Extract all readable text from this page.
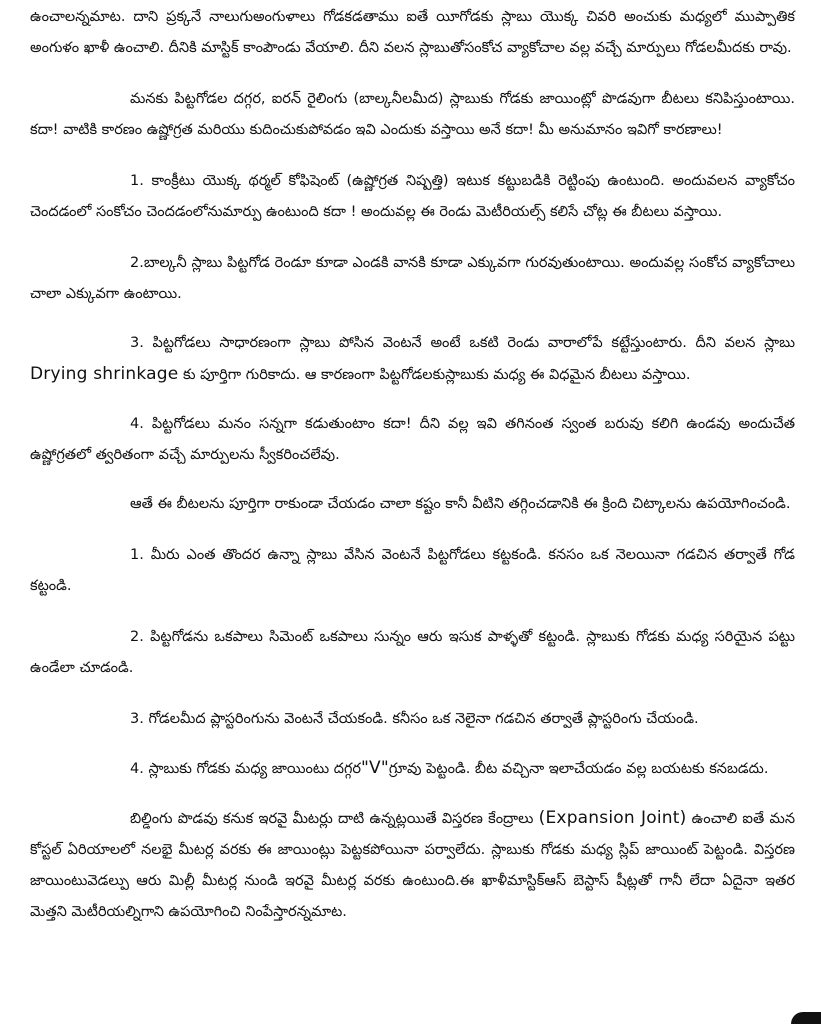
ఉంచాలన్నమాట. దాని ప్రక్కనే నాలుగుఅంగుళాలు గోడకడతాము ఐతే యీగోడకు స్లాబు యొక్క చివరి అంచుకు మధ్యలో ముప్పాతిక అంగుళం ఖాళీ ఉంచాలి. దీనికి మాస్టిక్ కాంపౌండు వేయాలి. దీని వలన స్లాబుతోసంకోచ వ్యాకోచాల వల్ల వచ్చే మార్పులు గోడలమీదకు రావు.

మనకు పిట్టగోడల దగ్గర, ఐరన్ రైలింగు (బాల్కనీలమీద) స్లాబుకు గోడకు జాయింట్లో పొడవుగా బీటలు కనిపిస్తుంటాయి. కదా! వాటికి కారణం ఉష్ణోగ్రత మరియు కుదించుకుపోవడం ఇవి ఎందుకు వస్తాయి అనే కదా! మీ అనుమానం ఇవిగో కారణాలు!

1. కాంక్రీటు యొక్క థర్మల్ కోఫిషెంట్ (ఉష్ణోగ్రత నిష్పత్తి) ఇటుక కట్టుబడికి రెట్టింపు ఉంటుంది. అందువలన వ్యాకోచం చెందడంలో సంకోచం చెందడంలోనుమార్పు ఉంటుంది కదా ! అందువల్ల ఈ రెండు మెటీరియల్స్ కలిసే చోట్ల ఈ బీటలు వస్తాయి.

2.బాల్కనీ స్లాబు పిట్టగోడ రెండూ కూడా ఎండకి వానకి కూడా ఎక్కువగా గురవుతుంటాయి. అందువల్ల సంకోచ వ్యాకోచాలు చాలా ఎక్కువగా ఉంటాయి.

3. పిట్టగోడలు సాధారణంగా స్లాబు పోసిన వెంటనే అంటే ఒకటి రెండు వారాలోపే కట్టేస్తుంటారు. దీని వలన స్లాబు Drying shrinkage కు పూర్తిగా గురికాదు. ఆ కారణంగా పిట్టగోడలకుస్లాబుకు మధ్య ఈ విధమైన బీటలు వస్తాయి.

4. పిట్టగోడలు మనం సన్నగా కడుతుంటాం కదా! దీని వల్ల ఇవి తగినంత స్వంత బరువు కలిగి ఉండవు అందుచేత ఉష్ణోగ్రతలో త్వరితంగా వచ్చే మార్పులను స్వీకరించలేవు.

ఆతే ఈ బీటలను పూర్తిగా రాకుండా చేయడం చాలా కష్టం కానీ వీటిని తగ్గించడానికి ఈ క్రింది చిట్కాలను ఉపయోగించండి.

1. మీరు ఎంత తొందర ఉన్నా స్లాబు వేసిన వెంటనే పిట్టగోడలు కట్టకండి. కనసం ఒక నెలయినా గడచిన తర్వాతే గోడ కట్టండి.

2. పిట్టగోడను ఒకపాలు సిమెంట్ ఒకపాలు సున్నం ఆరు ఇసుక పాళ్ళతో కట్టండి. స్లాబుకు గోడకు మధ్య సరియైన పట్టు ఉండేలా చూడండి.

3. గోడలమీద ప్లాస్టరింగును వెంటనే చేయకండి. కనీసం ఒక నెలైనా గడచిన తర్వాతే ప్లాస్టరింగు చేయండి.

4. స్లాబుకు గోడకు మధ్య జాయింటు దగ్గర"V"గ్రూవు పెట్టండి. బీట వచ్చినా ఇలాచేయడం వల్ల బయటకు కనబడదు.

బిల్డింగు పొడవు కనుక ఇరవై మీటర్లు దాటి ఉన్నట్లయితే విస్తరణ కేంద్రాలు (Expansion Joint) ఉంచాలి ఐతే మన కోస్టల్ ఏరియాలలో నలభై మీటర్ల వరకు ఈ జాయింట్లు పెట్టకపోయినా పర్వాలేదు. స్లాబుకు గోడకు మధ్య స్లిప్ జాయింట్ పెట్టండి. విస్తరణ జాయింటువెడల్పు ఆరు మిల్లీ మీటర్ల నుండి ఇరవై మీటర్ల వరకు ఉంటుంది.ఈ ఖాళీమాస్టిక్ఆస్ బెస్టాస్ షీట్లతో గానీ లేదా ఏదైనా ఇతర మెత్తని మెటీరియల్నిగాని ఉపయోగించి నింపేస్తారన్నమాట.
